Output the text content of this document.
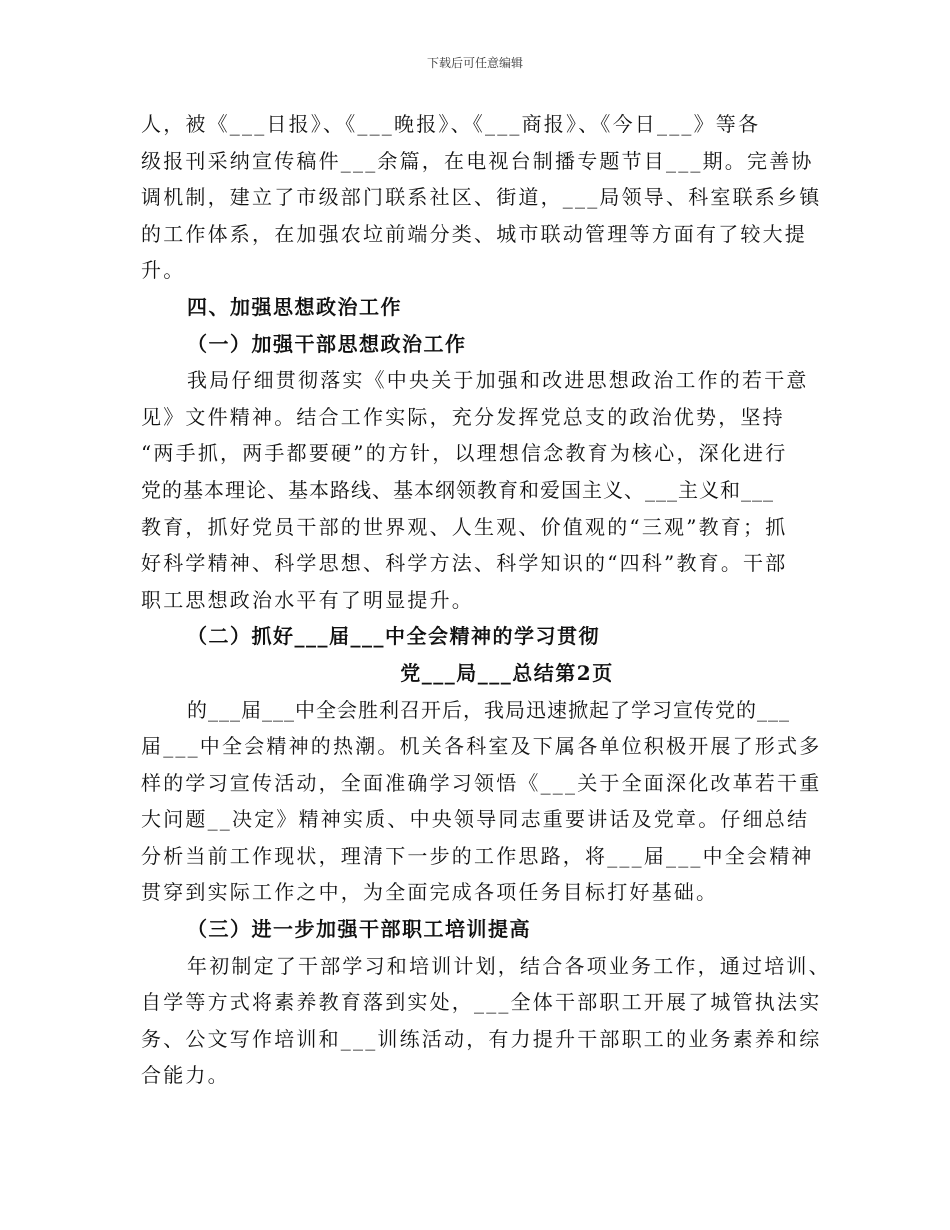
下载后可任意编辑
人，被《___日报》、《___晚报》、《___商报》、《今日___》等各
级报刊采纳宣传稿件___余篇，在电视台制播专题节目___期。完善协
调机制，建立了市级部门联系社区、街道，___局领导、科室联系乡镇
的工作体系，在加强农垃前端分类、城市联动管理等方面有了较大提
升。
四、加强思想政治工作
（一）加强干部思想政治工作
我局仔细贯彻落实《中央关于加强和改进思想政治工作的若干意
见》文件精神。结合工作实际，充分发挥党总支的政治优势，坚持
“两手抓，两手都要硬”的方针，以理想信念教育为核心，深化进行
党的基本理论、基本路线、基本纲领教育和爱国主义、___主义和___
教育，抓好党员干部的世界观、人生观、价值观的“三观”教育；抓
好科学精神、科学思想、科学方法、科学知识的“四科”教育。干部
职工思想政治水平有了明显提升。
（二）抓好___届___中全会精神的学习贯彻
党___局___总结第2页
的___届___中全会胜利召开后，我局迅速掀起了学习宣传党的___
届___中全会精神的热潮。机关各科室及下属各单位积极开展了形式多
样的学习宣传活动，全面准确学习领悟《___关于全面深化改革若干重
大问题__决定》精神实质、中央领导同志重要讲话及党章。仔细总结
分析当前工作现状，理清下一步的工作思路，将___届___中全会精神
贯穿到实际工作之中，为全面完成各项任务目标打好基础。
（三）进一步加强干部职工培训提高
年初制定了干部学习和培训计划，结合各项业务工作，通过培训、
自学等方式将素养教育落到实处，___全体干部职工开展了城管执法实
务、公文写作培训和___训练活动，有力提升干部职工的业务素养和综
合能力。
